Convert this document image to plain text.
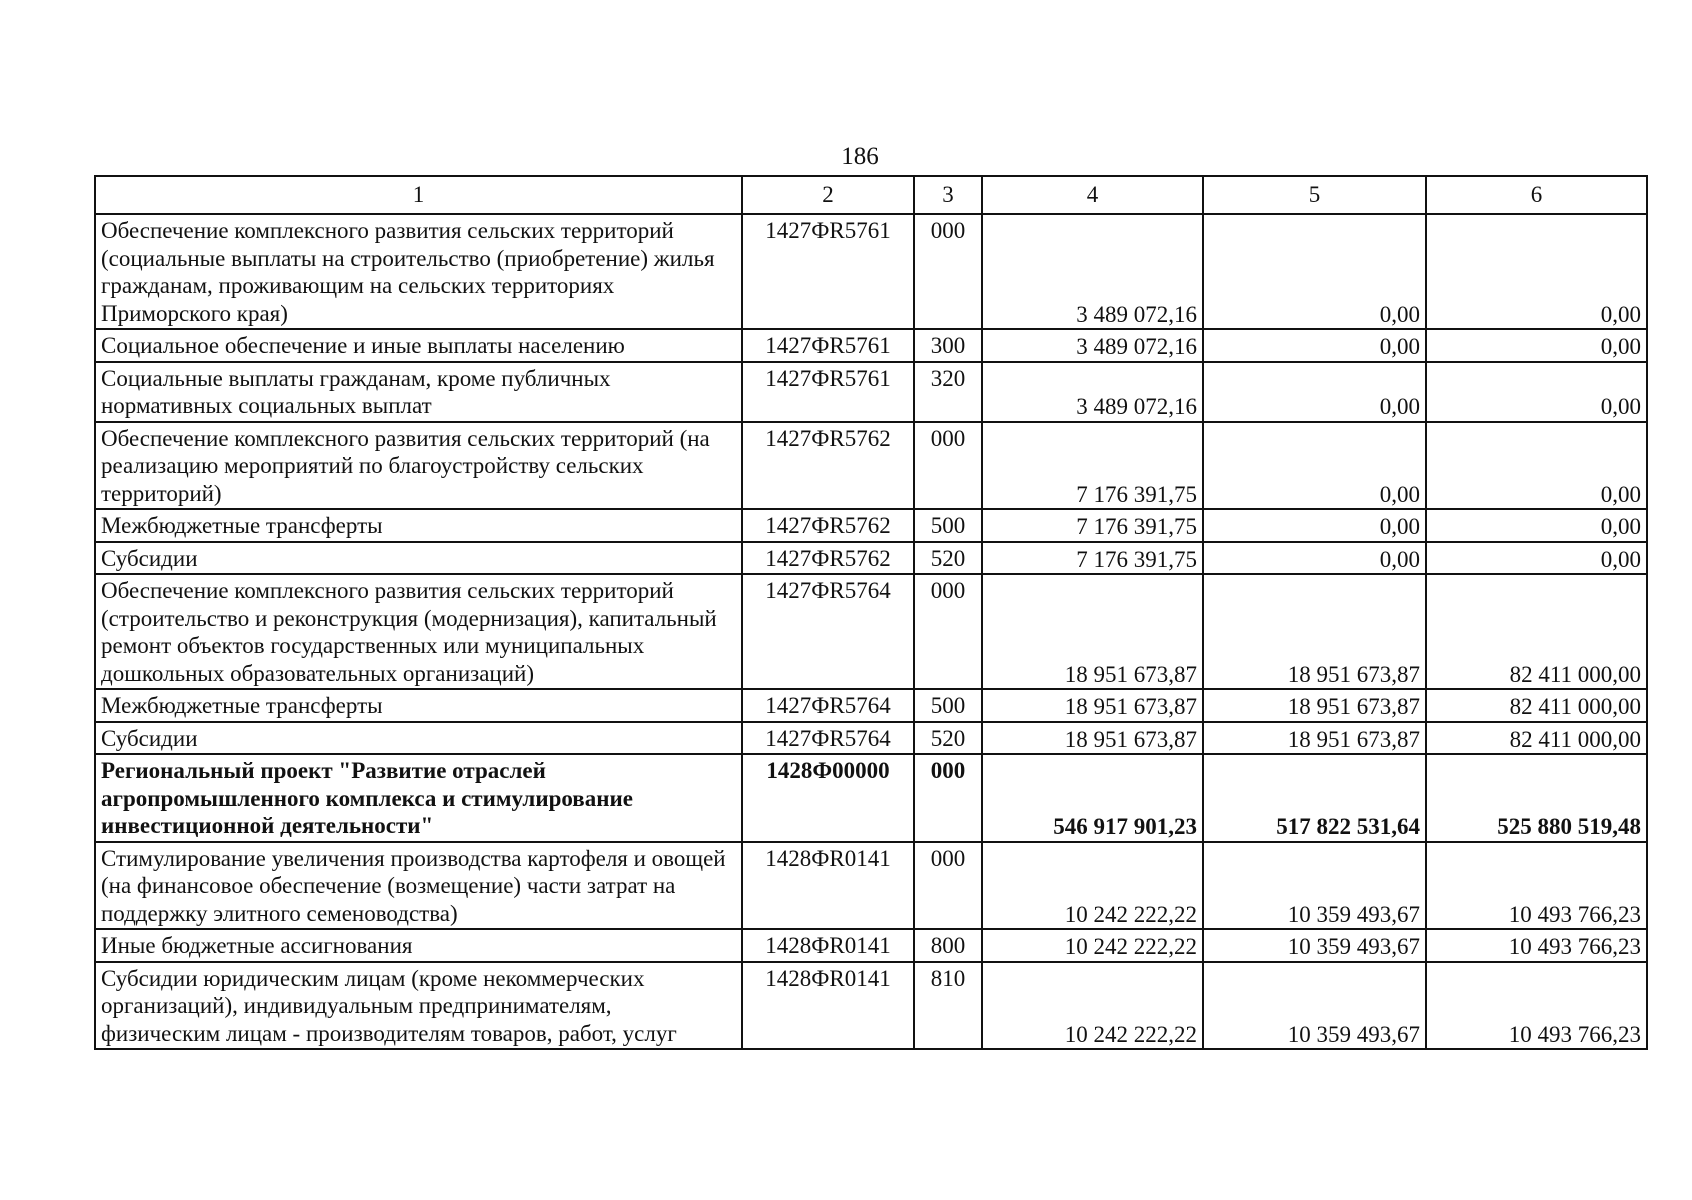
186
1	2	3	4	5	6
Обеспечение комплексного развития сельских территорий (социальные выплаты на строительство (приобретение) жилья гражданам, проживающим на сельских территориях Приморского края)	1427ФR5761	000	3 489 072,16	0,00	0,00
Социальное обеспечение и иные выплаты населению	1427ФR5761	300	3 489 072,16	0,00	0,00
Социальные выплаты гражданам, кроме публичных нормативных социальных выплат	1427ФR5761	320	3 489 072,16	0,00	0,00
Обеспечение комплексного развития сельских территорий (на реализацию мероприятий по благоустройству сельских территорий)	1427ФR5762	000	7 176 391,75	0,00	0,00
Межбюджетные трансферты	1427ФR5762	500	7 176 391,75	0,00	0,00
Субсидии	1427ФR5762	520	7 176 391,75	0,00	0,00
Обеспечение комплексного развития сельских территорий (строительство и реконструкция (модернизация), капитальный ремонт объектов государственных или муниципальных дошкольных образовательных организаций)	1427ФR5764	000	18 951 673,87	18 951 673,87	82 411 000,00
Межбюджетные трансферты	1427ФR5764	500	18 951 673,87	18 951 673,87	82 411 000,00
Субсидии	1427ФR5764	520	18 951 673,87	18 951 673,87	82 411 000,00
Региональный проект "Развитие отраслей агропромышленного комплекса и стимулирование инвестиционной деятельности"	1428Ф00000	000	546 917 901,23	517 822 531,64	525 880 519,48
Стимулирование увеличения производства картофеля и овощей (на финансовое обеспечение (возмещение) части затрат на поддержку элитного семеноводства)	1428ФR0141	000	10 242 222,22	10 359 493,67	10 493 766,23
Иные бюджетные ассигнования	1428ФR0141	800	10 242 222,22	10 359 493,67	10 493 766,23
Субсидии юридическим лицам (кроме некоммерческих организаций), индивидуальным предпринимателям, физическим лицам - производителям товаров, работ, услуг	1428ФR0141	810	10 242 222,22	10 359 493,67	10 493 766,23
